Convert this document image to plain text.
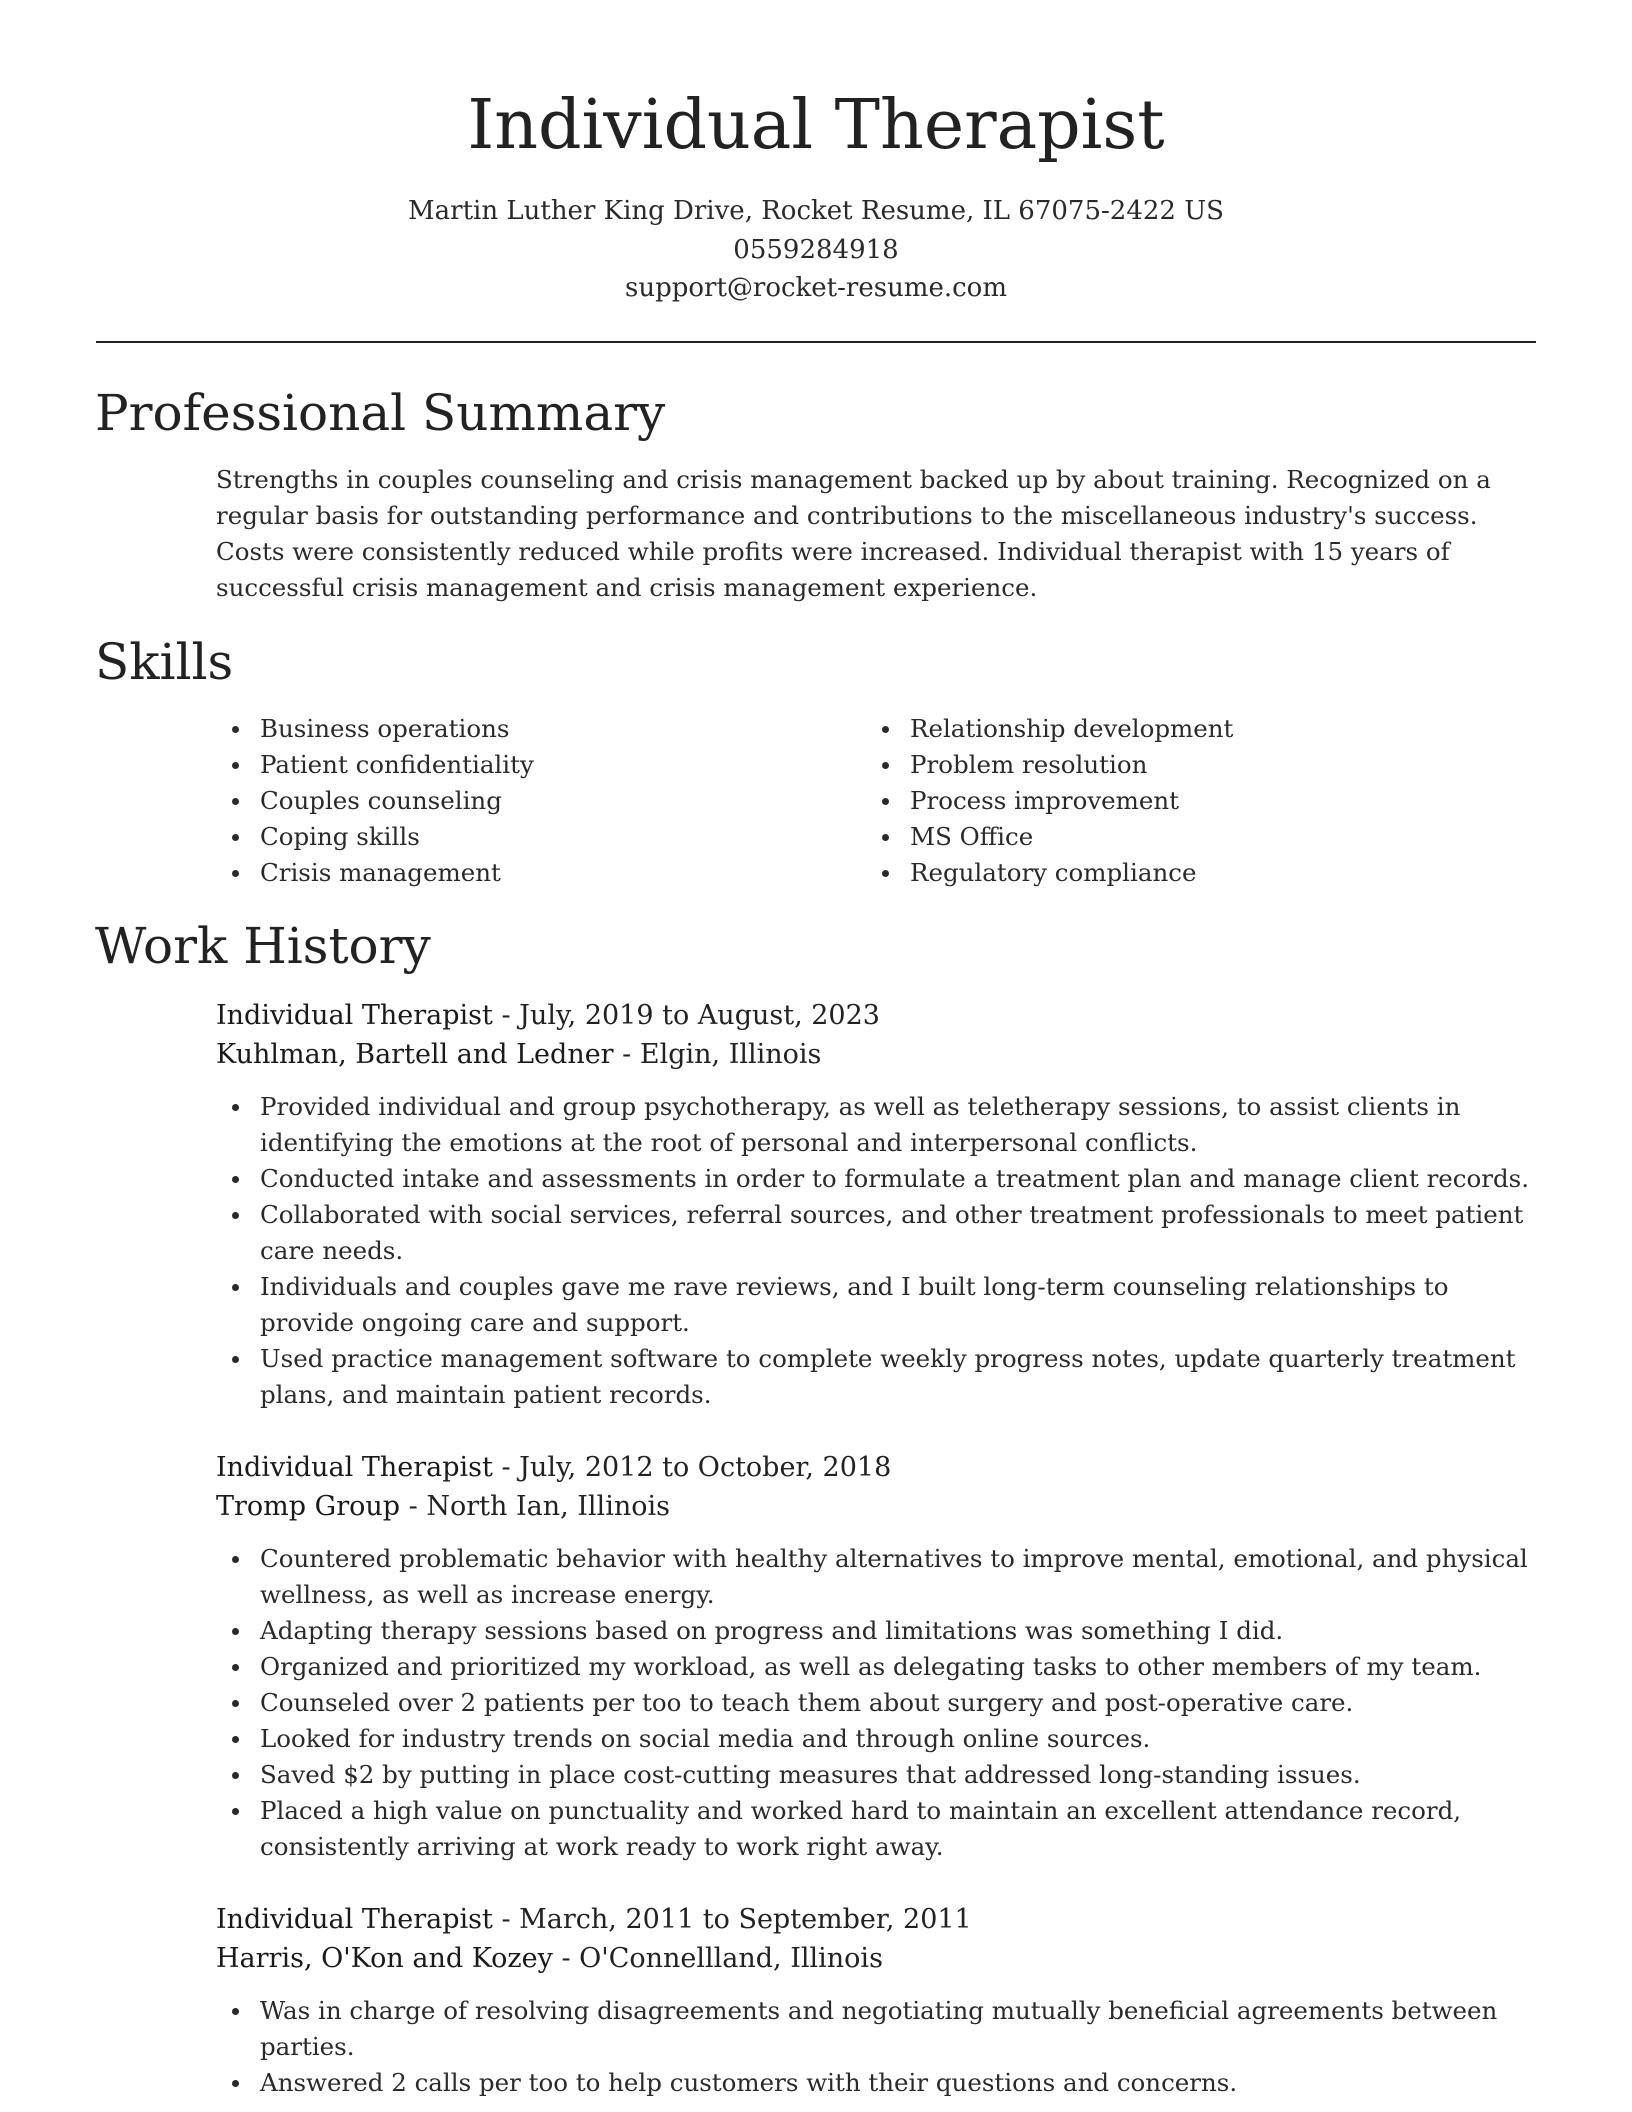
Individual Therapist
Martin Luther King Drive, Rocket Resume, IL 67075-2422 US
0559284918
support@rocket-resume.com
Professional Summary

Strengths in couples counseling and crisis management backed up by about training. Recognized on a regular basis for outstanding performance and contributions to the miscellaneous industry's success. Costs were consistently reduced while profits were increased. Individual therapist with 15 years of successful crisis management and crisis management experience.

Skills
Business operations
Patient confidentiality
Couples counseling
Coping skills
Crisis management
Relationship development
Problem resolution
Process improvement
MS Office
Regulatory compliance
Work History
Individual Therapist - July, 2019 to August, 2023
Kuhlman, Bartell and Ledner - Elgin, Illinois
Provided individual and group psychotherapy, as well as teletherapy sessions, to assist clients in identifying the emotions at the root of personal and interpersonal conflicts.
Conducted intake and assessments in order to formulate a treatment plan and manage client records.
Collaborated with social services, referral sources, and other treatment professionals to meet patient care needs.
Individuals and couples gave me rave reviews, and I built long-term counseling relationships to provide ongoing care and support.
Used practice management software to complete weekly progress notes, update quarterly treatment plans, and maintain patient records.
Individual Therapist - July, 2012 to October, 2018
Tromp Group - North Ian, Illinois
Countered problematic behavior with healthy alternatives to improve mental, emotional, and physical wellness, as well as increase energy.
Adapting therapy sessions based on progress and limitations was something I did.
Organized and prioritized my workload, as well as delegating tasks to other members of my team.
Counseled over 2 patients per too to teach them about surgery and post-operative care.
Looked for industry trends on social media and through online sources.
Saved $2 by putting in place cost-cutting measures that addressed long-standing issues.
Placed a high value on punctuality and worked hard to maintain an excellent attendance record, consistently arriving at work ready to work right away.
Individual Therapist - March, 2011 to September, 2011
Harris, O'Kon and Kozey - O'Connellland, Illinois
Was in charge of resolving disagreements and negotiating mutually beneficial agreements between parties.
Answered 2 calls per too to help customers with their questions and concerns.
